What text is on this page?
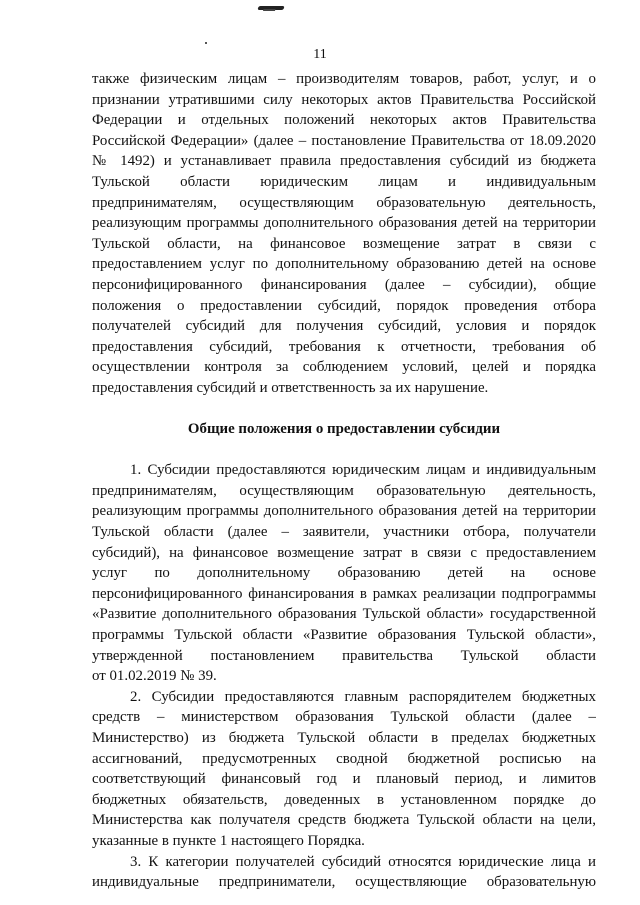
11
также физическим лицам – производителям товаров, работ, услуг, и о
признании утратившими силу некоторых актов Правительства Российской
Федерации и отдельных положений некоторых актов Правительства
Российской Федерации» (далее – постановление Правительства от 18.09.2020
№ 1492) и устанавливает правила предоставления субсидий из бюджета
Тульской области юридическим лицам и индивидуальным
предпринимателям, осуществляющим образовательную деятельность,
реализующим программы дополнительного образования детей на территории
Тульской области, на финансовое возмещение затрат в связи с
предоставлением услуг по дополнительному образованию детей на основе
персонифицированного финансирования (далее – субсидии), общие
положения о предоставлении субсидий, порядок проведения отбора
получателей субсидий для получения субсидий, условия и порядок
предоставления субсидий, требования к отчетности, требования об
осуществлении контроля за соблюдением условий, целей и порядка
предоставления субсидий и ответственность за их нарушение.
Общие положения о предоставлении субсидии
1. Субсидии предоставляются юридическим лицам и индивидуальным
предпринимателям, осуществляющим образовательную деятельность,
реализующим программы дополнительного образования детей на территории
Тульской области (далее – заявители, участники отбора, получатели
субсидий), на финансовое возмещение затрат в связи с предоставлением
услуг по дополнительному образованию детей на основе
персонифицированного финансирования в рамках реализации подпрограммы
«Развитие дополнительного образования Тульской области» государственной
программы Тульской области «Развитие образования Тульской области»,
утвержденной постановлением правительства Тульской области
от 01.02.2019 № 39.
2. Субсидии предоставляются главным распорядителем бюджетных
средств – министерством образования Тульской области (далее –
Министерство) из бюджета Тульской области в пределах бюджетных
ассигнований, предусмотренных сводной бюджетной росписью на
соответствующий финансовый год и плановый период, и лимитов
бюджетных обязательств, доведенных в установленном порядке до
Министерства как получателя средств бюджета Тульской области на цели,
указанные в пункте 1 настоящего Порядка.
3. К категории получателей субсидий относятся юридические лица и
индивидуальные предприниматели, осуществляющие образовательную
